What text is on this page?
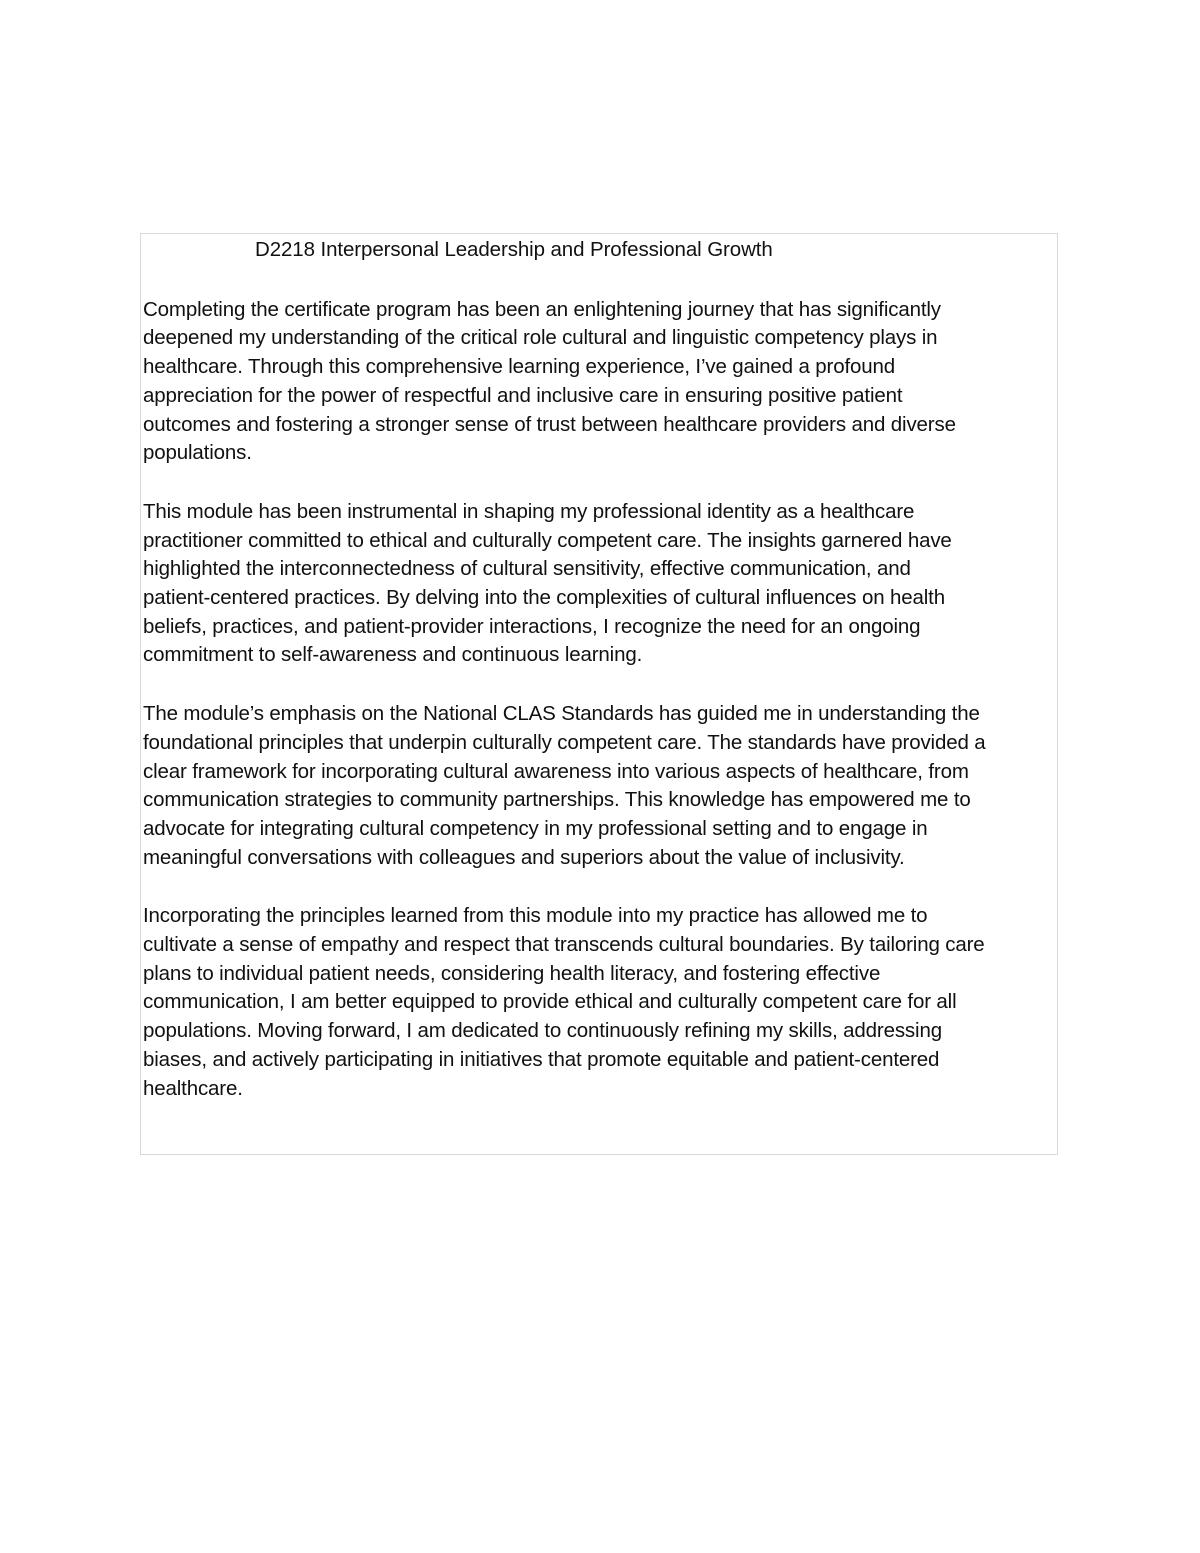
D2218 Interpersonal Leadership and Professional Growth

Completing the certificate program has been an enlightening journey that has significantly
deepened my understanding of the critical role cultural and linguistic competency plays in
healthcare. Through this comprehensive learning experience, I’ve gained a profound
appreciation for the power of respectful and inclusive care in ensuring positive patient
outcomes and fostering a stronger sense of trust between healthcare providers and diverse
populations.

This module has been instrumental in shaping my professional identity as a healthcare
practitioner committed to ethical and culturally competent care. The insights garnered have
highlighted the interconnectedness of cultural sensitivity, effective communication, and
patient-centered practices. By delving into the complexities of cultural influences on health
beliefs, practices, and patient-provider interactions, I recognize the need for an ongoing
commitment to self-awareness and continuous learning.

The module’s emphasis on the National CLAS Standards has guided me in understanding the
foundational principles that underpin culturally competent care. The standards have provided a
clear framework for incorporating cultural awareness into various aspects of healthcare, from
communication strategies to community partnerships. This knowledge has empowered me to
advocate for integrating cultural competency in my professional setting and to engage in
meaningful conversations with colleagues and superiors about the value of inclusivity.

Incorporating the principles learned from this module into my practice has allowed me to
cultivate a sense of empathy and respect that transcends cultural boundaries. By tailoring care
plans to individual patient needs, considering health literacy, and fostering effective
communication, I am better equipped to provide ethical and culturally competent care for all
populations. Moving forward, I am dedicated to continuously refining my skills, addressing
biases, and actively participating in initiatives that promote equitable and patient-centered
healthcare.
